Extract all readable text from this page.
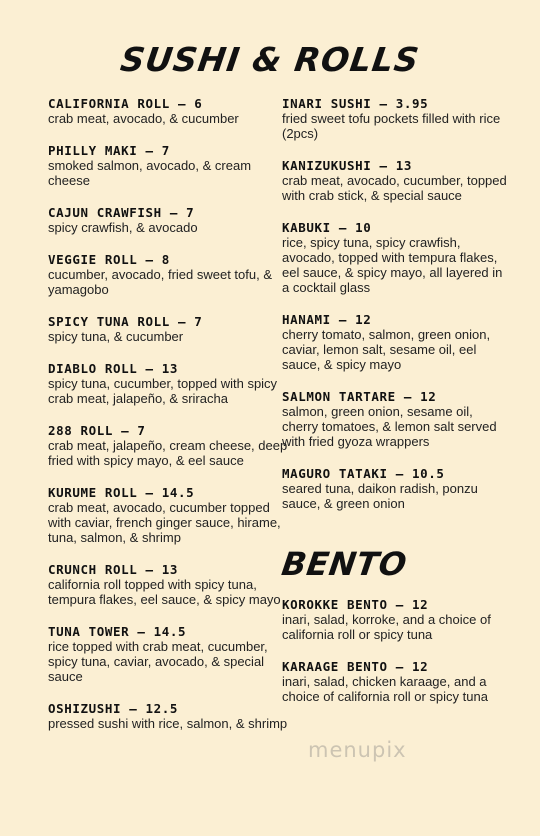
SUSHI & ROLLS
CALIFORNIA ROLL — 6
crab meat, avocado, & cucumber
PHILLY MAKI — 7
smoked salmon, avocado, & cream cheese
CAJUN CRAWFISH — 7
spicy crawfish, & avocado
VEGGIE ROLL — 8
cucumber, avocado, fried sweet tofu, & yamagobo
SPICY TUNA ROLL — 7
spicy tuna, & cucumber
DIABLO ROLL — 13
spicy tuna, cucumber, topped with spicy crab meat, jalapeño, & sriracha
288 ROLL — 7
crab meat, jalapeño, cream cheese, deep fried with spicy mayo, & eel sauce
KURUME ROLL — 14.5
crab meat, avocado, cucumber topped with caviar, french ginger sauce, hirame, tuna, salmon, & shrimp
CRUNCH ROLL — 13
california roll topped with spicy tuna, tempura flakes, eel sauce, & spicy mayo
TUNA TOWER — 14.5
rice topped with crab meat, cucumber, spicy tuna, caviar, avocado, & special sauce
OSHIZUSHI — 12.5
pressed sushi with rice, salmon, & shrimp
INARI SUSHI — 3.95
fried sweet tofu pockets filled with rice (2pcs)
KANIZUKUSHI — 13
crab meat, avocado, cucumber, topped with crab stick, & special sauce
KABUKI — 10
rice, spicy tuna, spicy crawfish, avocado, topped with tempura flakes, eel sauce, & spicy mayo, all layered in a cocktail glass
HANAMI — 12
cherry tomato, salmon, green onion, caviar, lemon salt, sesame oil, eel sauce, & spicy mayo
SALMON TARTARE — 12
salmon, green onion, sesame oil, cherry tomatoes, & lemon salt served with fried gyoza wrappers
MAGURO TATAKI — 10.5
seared tuna, daikon radish, ponzu sauce, & green onion
BENTO
KOROKKE BENTO — 12
inari, salad, korroke, and a choice of california roll or spicy tuna
KARAAGE BENTO — 12
inari, salad, chicken karaage, and a choice of california roll or spicy tuna
menupix
